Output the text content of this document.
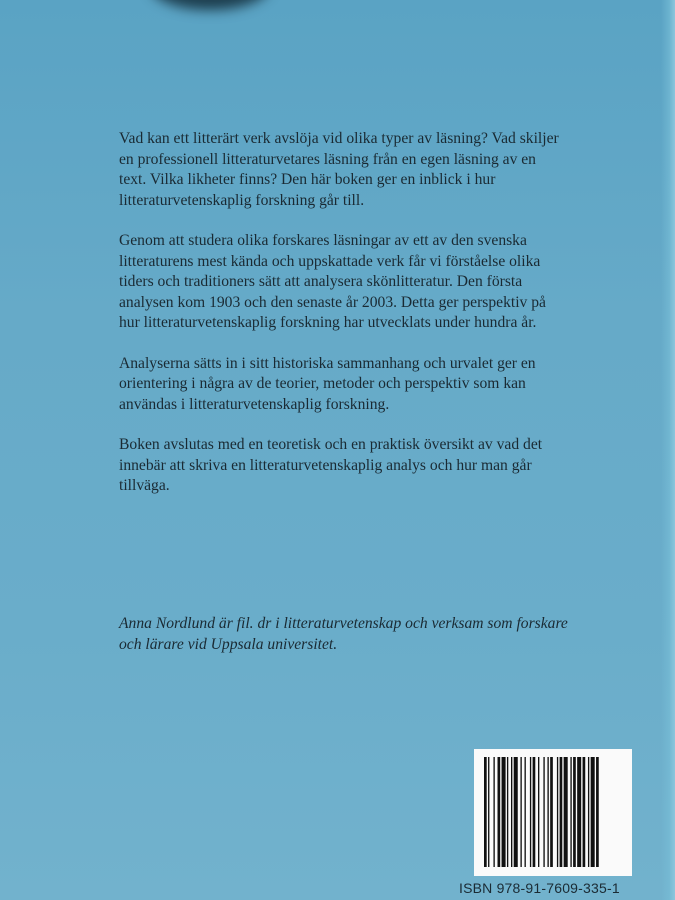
Vad kan ett litterärt verk avslöja vid olika typer av läsning? Vad skiljer en professionell litteraturvetares läsning från en egen läsning av en text. Vilka likheter finns? Den här boken ger en inblick i hur litteraturvetenskaplig forskning går till.

Genom att studera olika forskares läsningar av ett av den svenska litteraturens mest kända och uppskattade verk får vi förståelse olika tiders och traditioners sätt att analysera skönlitteratur. Den första analysen kom 1903 och den senaste år 2003. Detta ger perspektiv på hur litteraturvetenskaplig forskning har utvecklats under hundra år.

Analyserna sätts in i sitt historiska sammanhang och urvalet ger en orientering i några av de teorier, metoder och perspektiv som kan användas i litteraturvetenskaplig forskning.

Boken avslutas med en teoretisk och en praktisk översikt av vad det innebär att skriva en litteraturvetenskaplig analys och hur man går tillväga.

Anna Nordlund är fil. dr i litteraturvetenskap och verksam som forskare och lärare vid Uppsala universitet.
ISBN 978-91-7609-335-1
